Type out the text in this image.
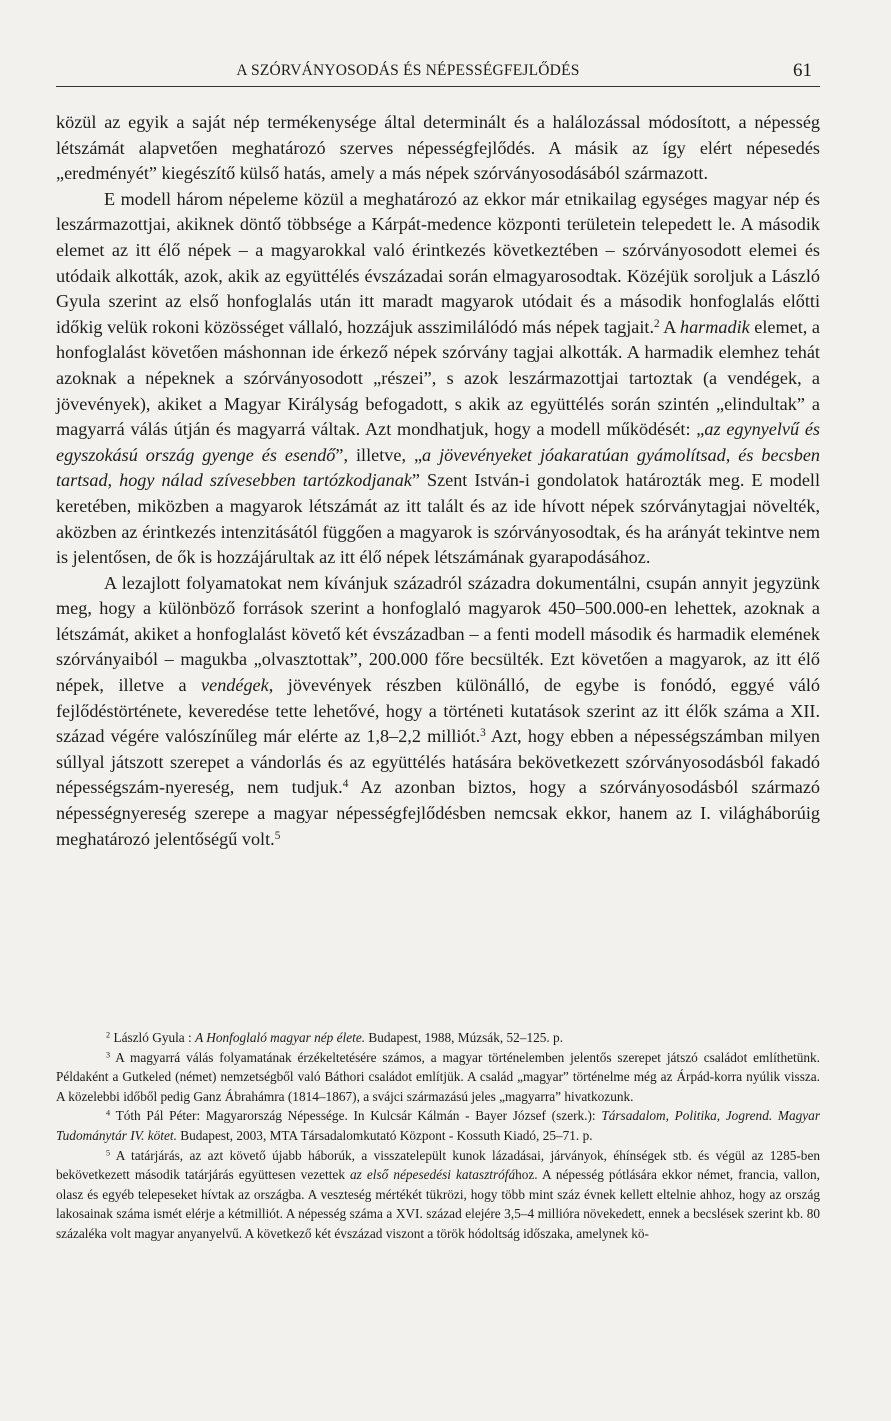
A SZÓRVÁNYOSODÁS ÉS NÉPESSÉGFEJLŐDÉS	61

közül az egyik a saját nép termékenysége által determinált és a halálozással módosított, a népesség létszámát alapvetően meghatározó szerves népességfejlődés. A másik az így elért népesedés „eredményét” kiegészítő külső hatás, amely a más népek szórványosodásából származott.

E modell három népeleme közül a meghatározó az ekkor már etnikailag egységes magyar nép és leszármazottjai, akiknek döntő többsége a Kárpát-medence központi területein telepedett le. A második elemet az itt élő népek – a magyarokkal való érintkezés következtében – szórványosodott elemei és utódaik alkották, azok, akik az együttélés évszázadai során elmagyarosodtak. Közéjük soroljuk a László Gyula szerint az első honfoglalás után itt maradt magyarok utódait és a második honfoglalás előtti időkig velük rokoni közösséget vállaló, hozzájuk asszimilálódó más népek tagjait.$^2$ A harmadik elemet, a honfoglalást követően máshonnan ide érkező népek szórvány tagjai alkották. A harmadik elemhez tehát azoknak a népeknek a szórványosodott „részei”, s azok leszármazottjai tartoztak (a vendégek, a jövevények), akiket a Magyar Királyság befogadott, s akik az együttélés során szintén „elindultak” a magyarrá válás útján és magyarrá váltak. Azt mondhatjuk, hogy a modell működését: „az egynyelvű és egyszokású ország gyenge és esendő”, illetve, „a jövevényeket jóakaratúan gyámolítsad, és becsben tartsad, hogy nálad szívesebben tartózkodjanak” Szent István-i gondolatok határozták meg. E modell keretében, miközben a magyarok létszámát az itt talált és az ide hívott népek szórványtagjai növelték, aközben az érintkezés intenzitásától függően a magyarok is szórványosodtak, és ha arányát tekintve nem is jelentősen, de ők is hozzájárultak az itt élő népek létszámának gyarapodásához.

A lezajlott folyamatokat nem kívánjuk századról századra dokumentálni, csupán annyit jegyzünk meg, hogy a különböző források szerint a honfoglaló magyarok 450–500.000-en lehettek, azoknak a létszámát, akiket a honfoglalást követő két évszázadban – a fenti modell második és harmadik elemének szórványaiból – magukba „olvasztottak”, 200.000 főre becsülték. Ezt követően a magyarok, az itt élő népek, illetve a vendégek, jövevények részben különálló, de egybe is fonódó, eggyé váló fejlődéstörténete, keveredése tette lehetővé, hogy a történeti kutatások szerint az itt élők száma a XII. század végére valószínűleg már elérte az 1,8–2,2 milliót.$^3$ Azt, hogy ebben a népességszámban milyen súllyal játszott szerepet a vándorlás és az együttélés hatására bekövetkezett szórványosodásból fakadó népességszám-nyereség, nem tudjuk.$^4$ Az azonban biztos, hogy a szórványosodásból származó népességnyereség szerepe a magyar népességfejlődésben nemcsak ekkor, hanem az I. világháborúig meghatározó jelentőségű volt.$^5$

$^2$ László Gyula : A Honfoglaló magyar nép élete. Budapest, 1988, Múzsák, 52–125. p.

$^3$ A magyarrá válás folyamatának érzékeltetésére számos, a magyar történelemben jelentős szerepet játszó családot említhetünk. Példaként a Gutkeled (német) nemzetségből való Báthori családot említjük. A család „magyar” történelme még az Árpád-korra nyúlik vissza. A közelebbi időből pedig Ganz Ábrahámra (1814–1867), a svájci származású jeles „magyarra” hivatkozunk.

$^4$ Tóth Pál Péter: Magyarország Népessége. In Kulcsár Kálmán - Bayer József (szerk.): Társadalom, Politika, Jogrend. Magyar Tudománytár IV. kötet. Budapest, 2003, MTA Társadalomkutató Központ - Kossuth Kiadó, 25–71. p.

$^5$ A tatárjárás, az azt követő újabb háborúk, a visszatelepült kunok lázadásai, járványok, éhínségek stb. és végül az 1285-ben bekövetkezett második tatárjárás együttesen vezettek az első népesedési katasztrófához. A népesség pótlására ekkor német, francia, vallon, olasz és egyéb telepeseket hívtak az országba. A veszteség mértékét tükrözi, hogy több mint száz évnek kellett eltelnie ahhoz, hogy az ország lakosainak száma ismét elérje a kétmilliót. A népesség száma a XVI. század elejére 3,5–4 millióra növekedett, ennek a becslések szerint kb. 80 százaléka volt magyar anyanyelvű. A következő két évszázad viszont a török hódoltság időszaka, amelynek kö-
